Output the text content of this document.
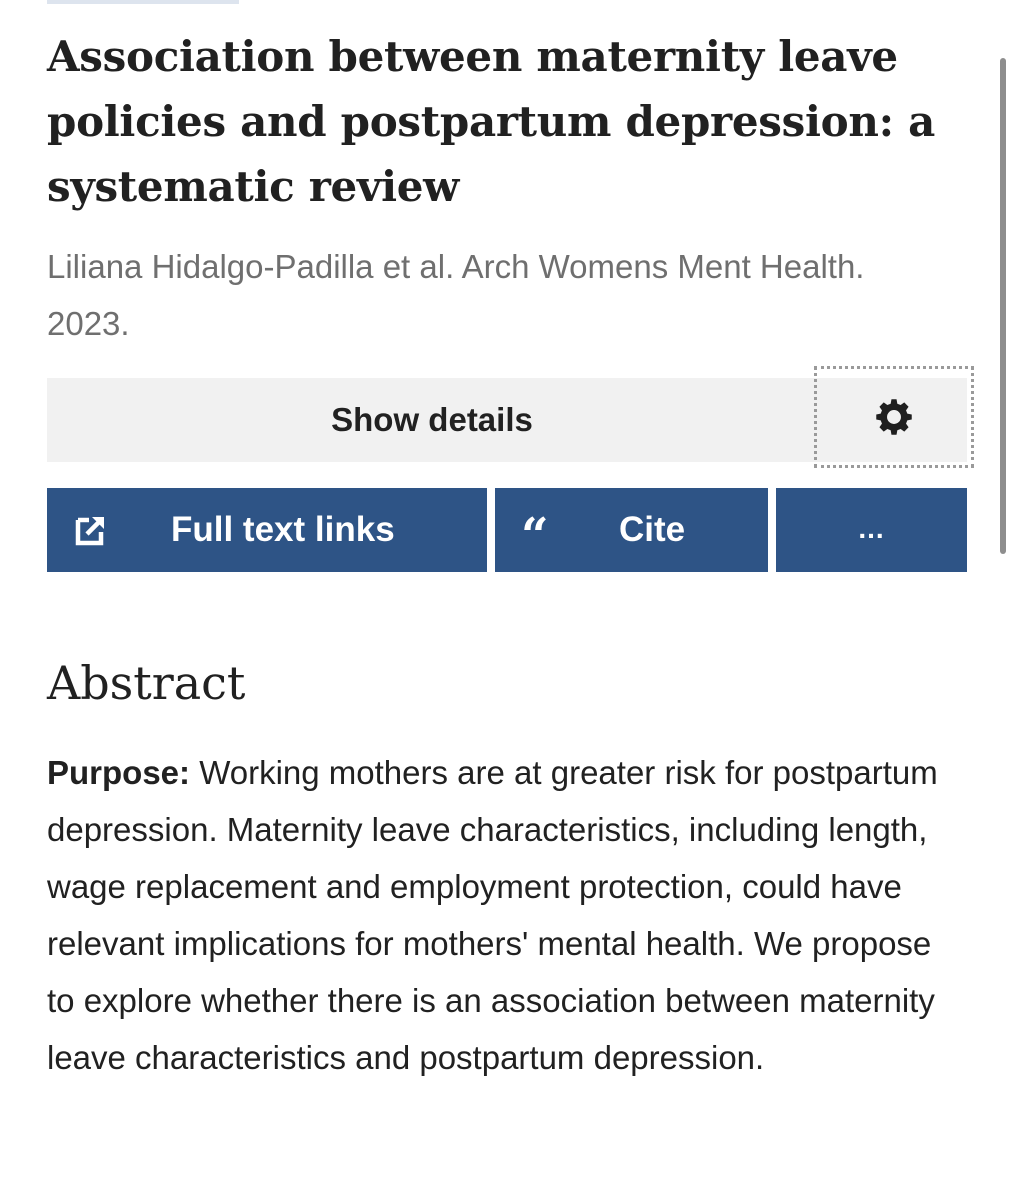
Association between maternity leave policies and postpartum depression: a systematic review
Liliana Hidalgo-Padilla et al. Arch Womens Ment Health. 2023.
Show details
Full text links	“ Cite	...
Abstract

Purpose: Working mothers are at greater risk for postpartum depression. Maternity leave characteristics, including length, wage replacement and employment protection, could have relevant implications for mothers' mental health. We propose to explore whether there is an association between maternity leave characteristics and postpartum depression.
